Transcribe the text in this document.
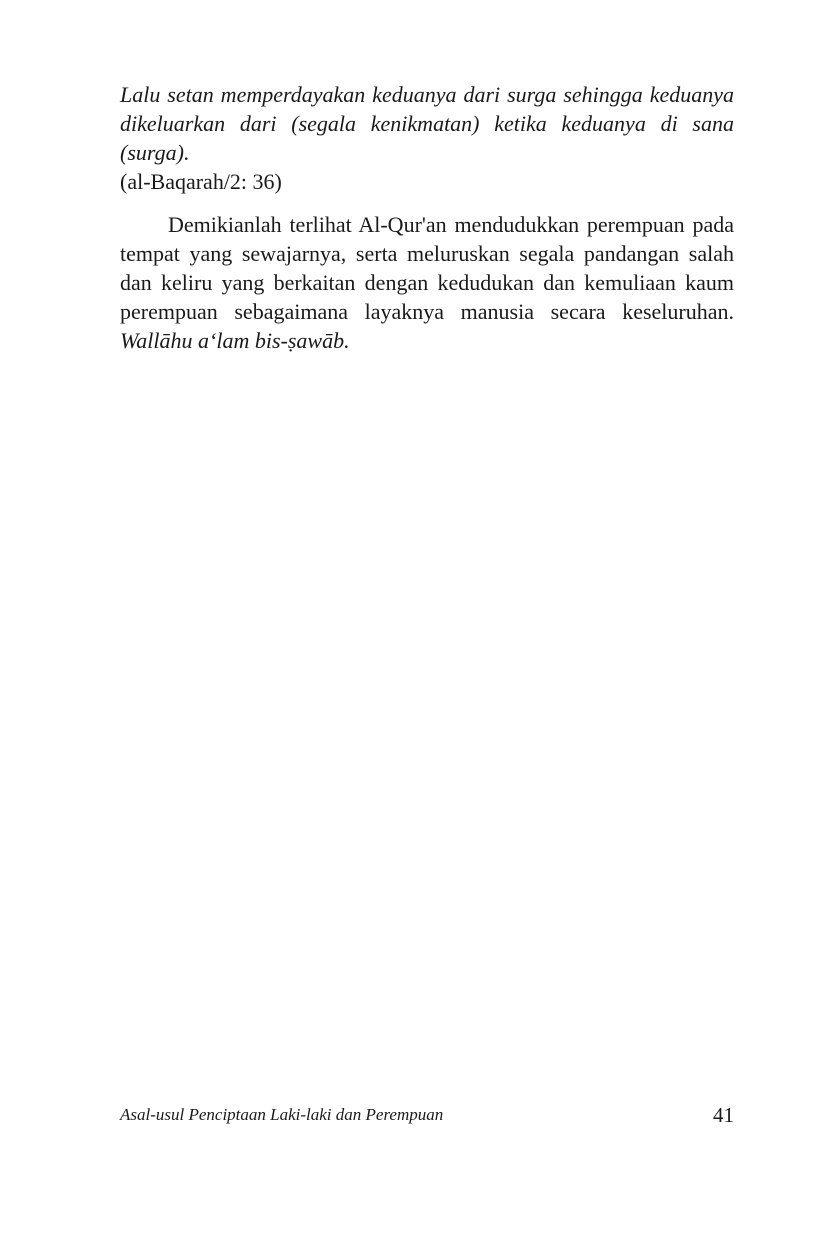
Lalu setan memperdayakan keduanya dari surga sehingga keduanya dikeluarkan dari (segala kenikmatan) ketika keduanya di sana (surga).
(al-Baqarah/2: 36)

Demikianlah terlihat Al-Qur'an mendudukkan perempuan pada tempat yang sewajarnya, serta meluruskan segala pandangan salah dan keliru yang berkaitan dengan kedudukan dan kemuliaan kaum perempuan sebagaimana layaknya manusia secara keseluruhan. Wallāhu a‘lam bis-ṣawāb.

Asal-usul Penciptaan Laki-laki dan Perempuan	41
